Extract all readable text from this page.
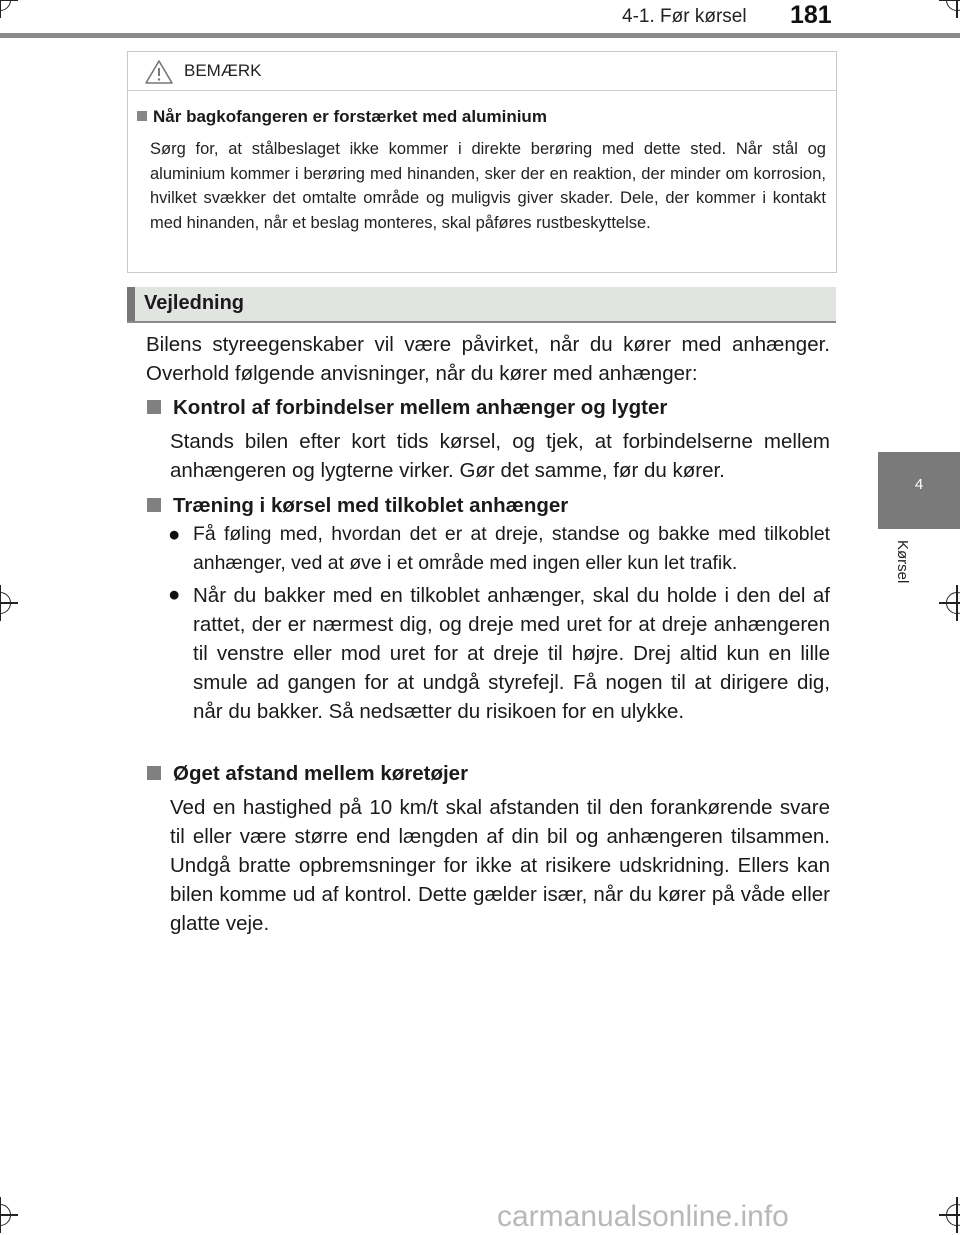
4-1. Før kørsel 181
4
Kørsel
BEMÆRK
Når bagkofangeren er forstærket med aluminium
Sørg for, at stålbeslaget ikke kommer i direkte berøring med dette sted. Når stål og aluminium kommer i berøring med hinanden, sker der en reaktion, der minder om korrosion, hvilket svækker det omtalte område og muligvis giver skader. Dele, der kommer i kontakt med hinanden, når et beslag monteres, skal påføres rustbeskyttelse.
Vejledning
Bilens styreegenskaber vil være påvirket, når du kører med anhænger. Overhold følgende anvisninger, når du kører med anhænger:
Kontrol af forbindelser mellem anhænger og lygter
Stands bilen efter kort tids kørsel, og tjek, at forbindelserne mellem anhængeren og lygterne virker. Gør det samme, før du kører.
Træning i kørsel med tilkoblet anhænger
● Få føling med, hvordan det er at dreje, standse og bakke med tilkoblet anhænger, ved at øve i et område med ingen eller kun let trafik.
● Når du bakker med en tilkoblet anhænger, skal du holde i den del af rattet, der er nærmest dig, og dreje med uret for at dreje anhængeren til venstre eller mod uret for at dreje til højre. Drej altid kun en lille smule ad gangen for at undgå styrefejl. Få nogen til at dirigere dig, når du bakker. Så nedsætter du risikoen for en ulykke.
Øget afstand mellem køretøjer
Ved en hastighed på 10 km/t skal afstanden til den forankørende svare til eller være større end længden af din bil og anhængeren tilsammen. Undgå bratte opbremsninger for ikke at risikere udskridning. Ellers kan bilen komme ud af kontrol. Dette gælder især, når du kører på våde eller glatte veje.
carmanualsonline.info
